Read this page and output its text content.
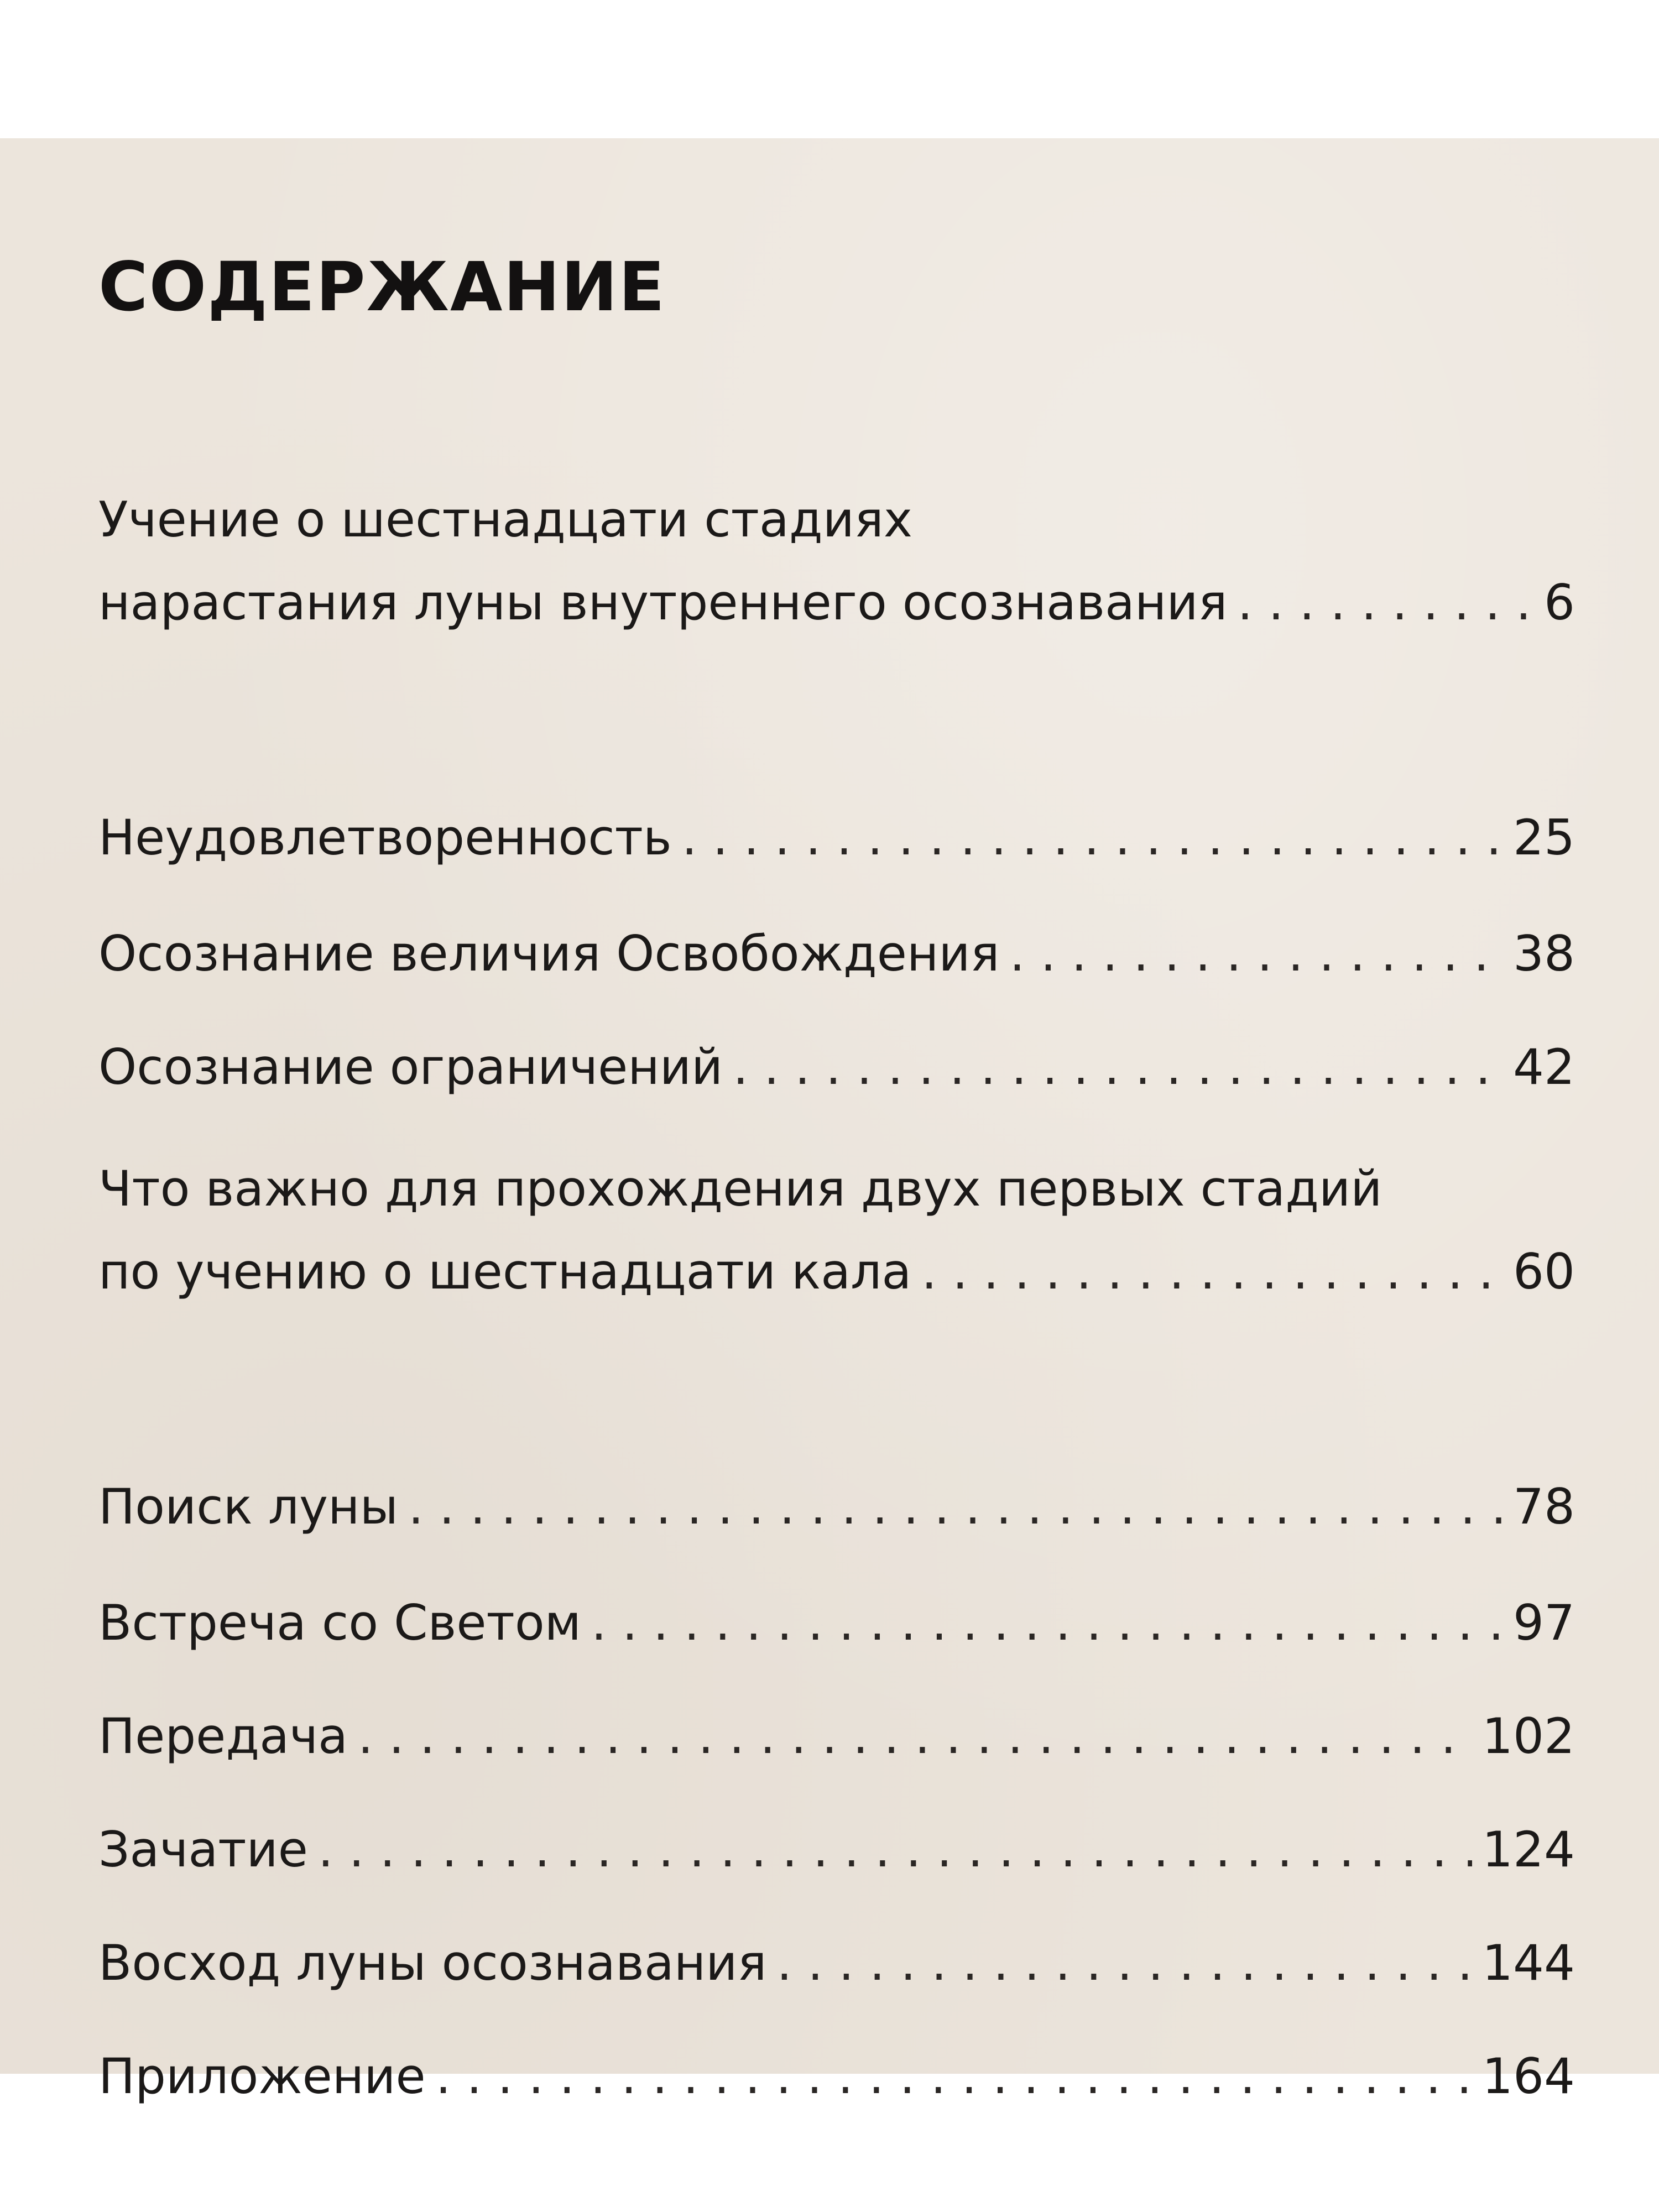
СОДЕРЖАНИЕ
Учение о шестнадцати стадиях
нарастания луны внутреннего осознавания . . .	6
Неудовлетворенность . . .	25
Осознание величия Освобождения . . .	38
Осознание ограничений . . .	42
Что важно для прохождения двух первых стадий
по учению о шестнадцати кала . . .	60
Поиск луны . . .	78
Встреча со Светом . . .	97
Передача . . .	102
Зачатие . . .	124
Восход луны осознавания . . .	144
Приложение . . .	164
